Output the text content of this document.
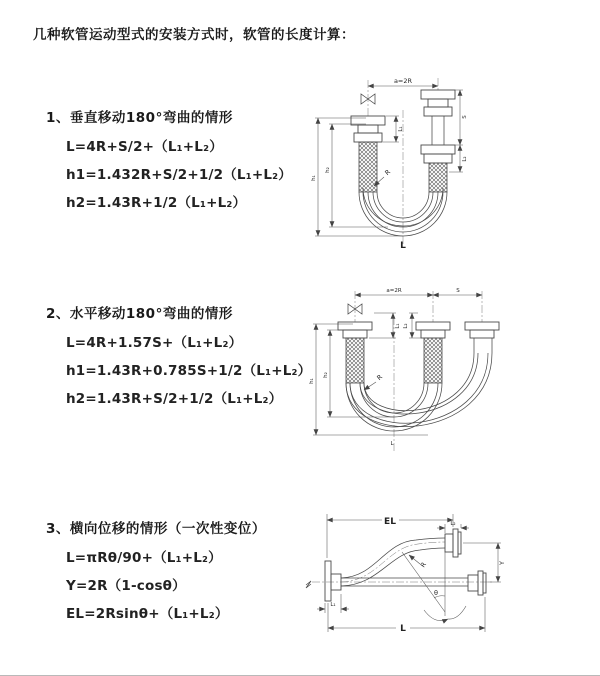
几种软管运动型式的安装方式时，软管的长度计算：
1、垂直移动180°弯曲的情形
L=4R+S/2+（L₁+L₂）
h1=1.432R+S/2+1/2（L₁+L₂）
h2=1.43R+1/2（L₁+L₂）
a=2R
h₁
h₂
L₁
S
L₂
R
L
2、水平移动180°弯曲的情形
L=4R+1.57S+（L₁+L₂）
h1=1.43R+0.785S+1/2（L₁+L₂）
h2=1.43R+S/2+1/2（L₁+L₂）
a=2R	S
h₁
h₂
L₁ L₂
R
L
3、横向位移的情形（一次性变位）
L=πRθ/90+（L₁+L₂）
Y=2R（1-cosθ）
EL=2Rsinθ+（L₁+L₂）
EL	L₂
Y
θ
R
L₁
L
